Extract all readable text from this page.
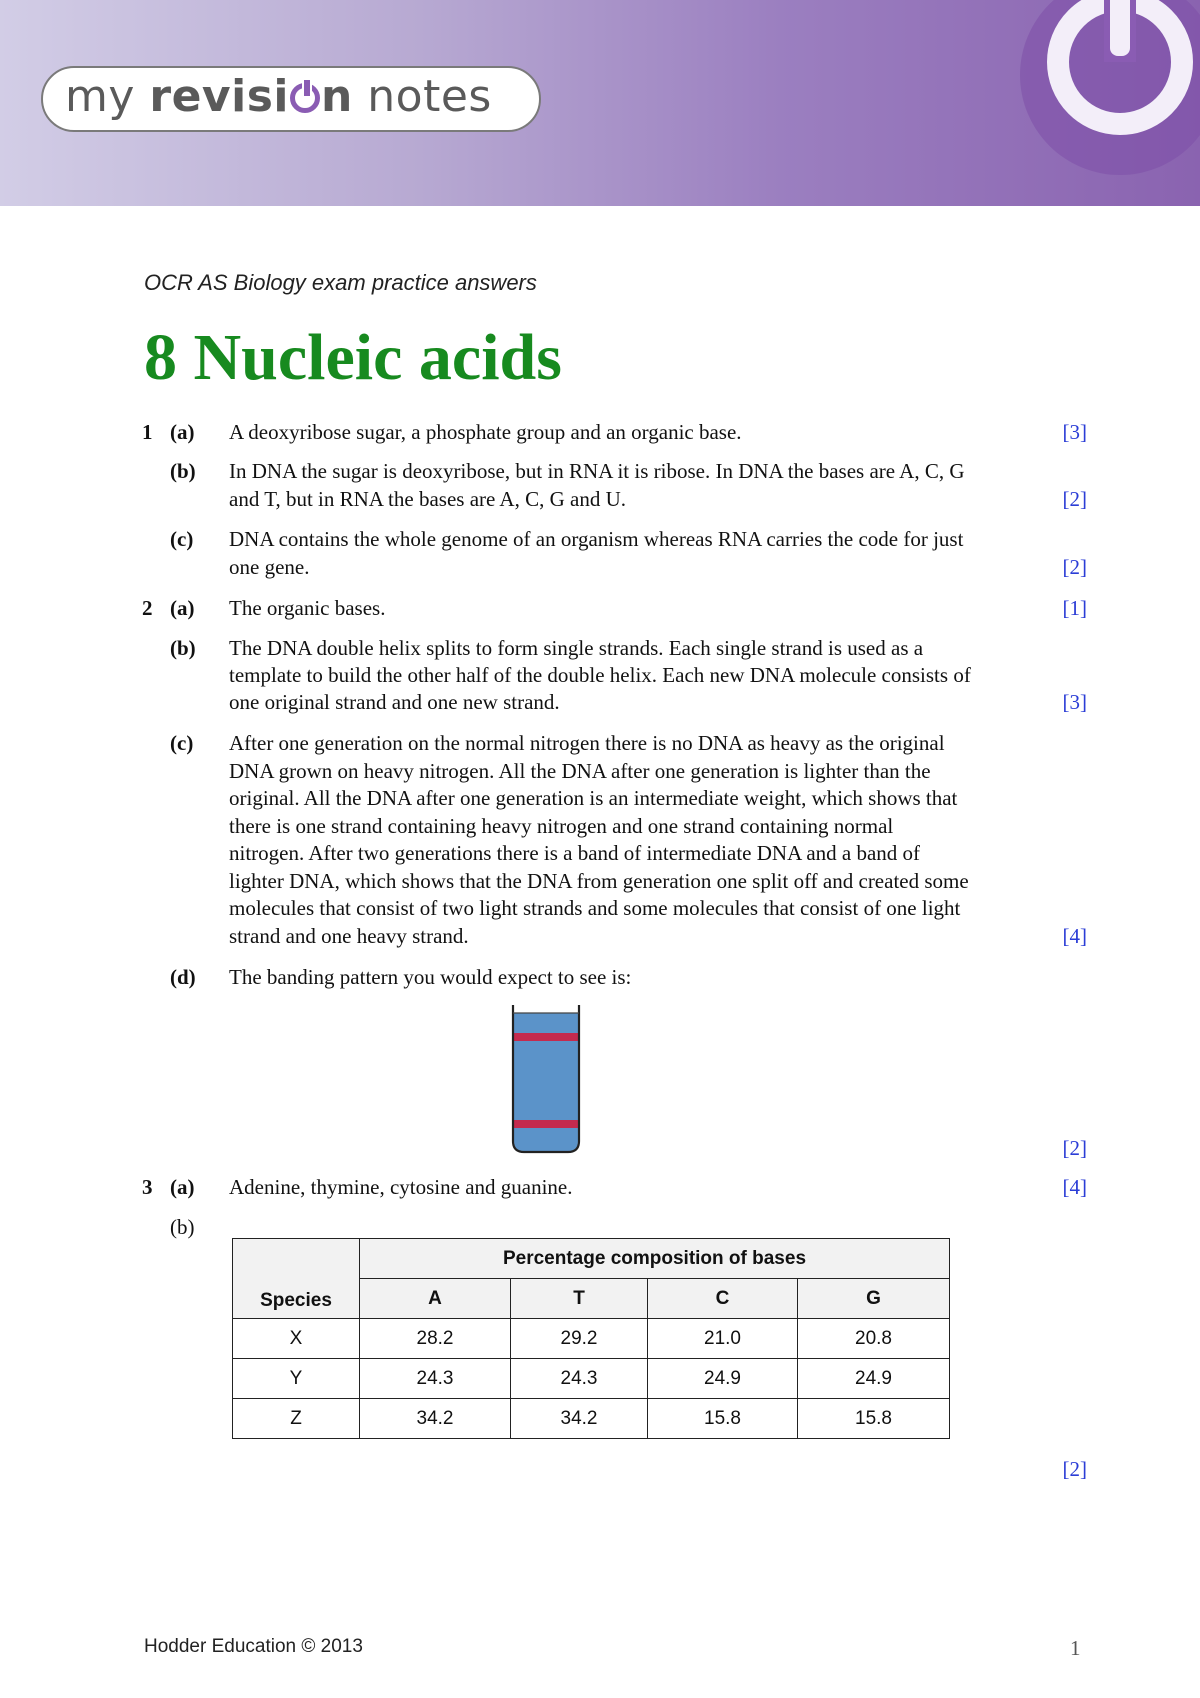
my revisi n notes
OCR AS Biology exam practice answers
8 Nucleic acids
1 (a) A deoxyribose sugar, a phosphate group and an organic base.	[3]
(b) In DNA the sugar is deoxyribose, but in RNA it is ribose. In DNA the bases are A, C, G
and T, but in RNA the bases are A, C, G and U.	[2]
(c) DNA contains the whole genome of an organism whereas RNA carries the code for just
one gene.	[2]
2 (a) The organic bases.	[1]
(b) The DNA double helix splits to form single strands. Each single strand is used as a
template to build the other half of the double helix. Each new DNA molecule consists of
one original strand and one new strand.	[3]
(c) After one generation on the normal nitrogen there is no DNA as heavy as the original
DNA grown on heavy nitrogen. All the DNA after one generation is lighter than the
original. All the DNA after one generation is an intermediate weight, which shows that
there is one strand containing heavy nitrogen and one strand containing normal
nitrogen. After two generations there is a band of intermediate DNA and a band of
lighter DNA, which shows that the DNA from generation one split off and created some
molecules that consist of two light strands and some molecules that consist of one light
strand and one heavy strand.	[4]
(d) The banding pattern you would expect to see is:
[2]
3 (a) Adenine, thymine, cytosine and guanine.	[4]
(b)
Species	Percentage composition of bases			
	A	T	C	G
X	28.2	29.2	21.0	20.8
Y	24.3	24.3	24.9	24.9
Z	34.2	34.2	15.8	15.8
[2]
Hodder Education © 2013	1
